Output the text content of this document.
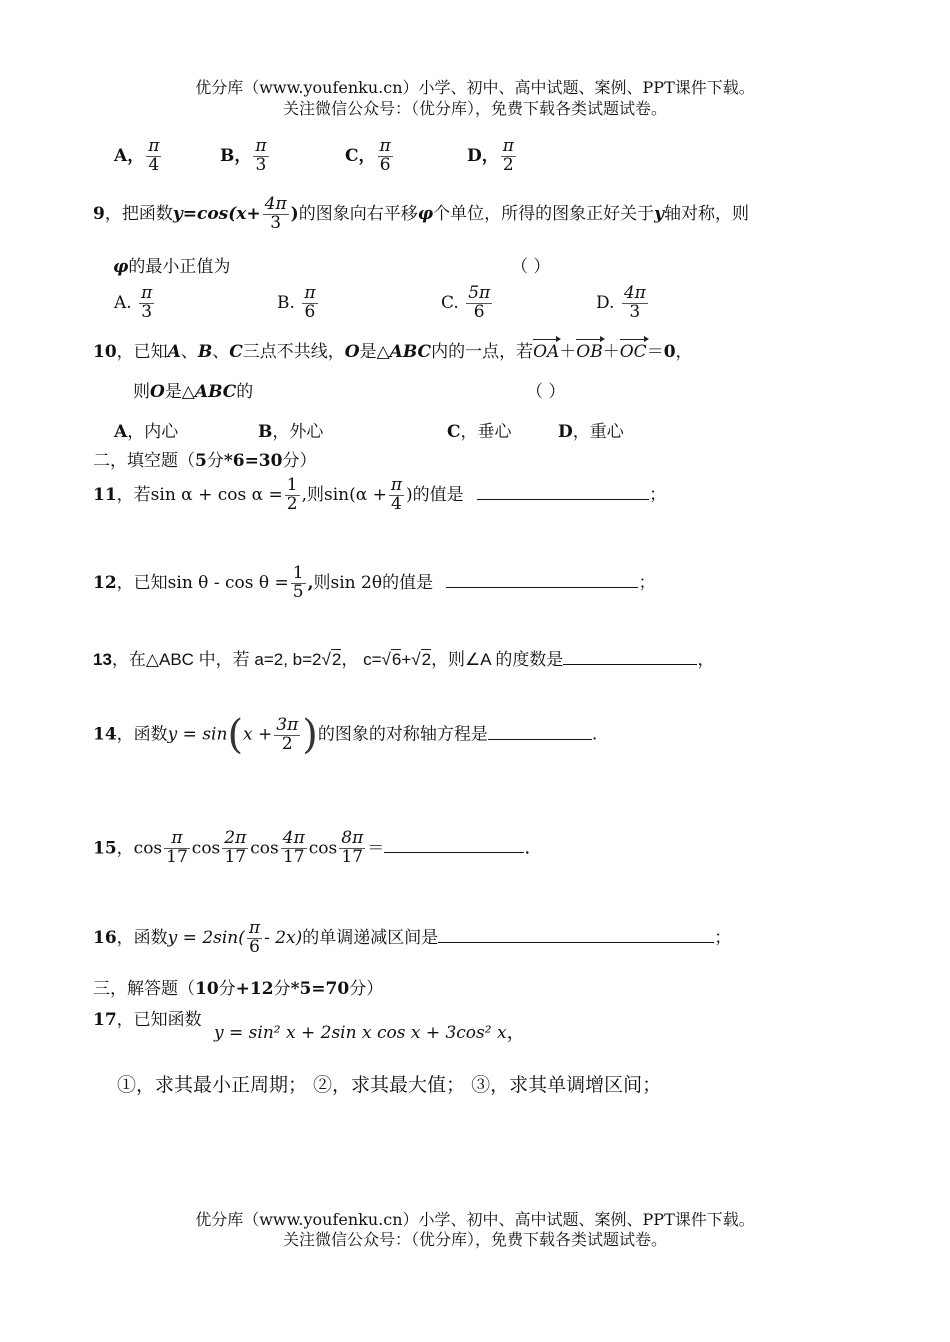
优分库（www.youfenku.cn）小学、初中、高中试题、案例、PPT课件下载。
关注微信公众号：（优分库），免费下载各类试题试卷。
A， $\frac{\pi}{4}$	B， $\frac{\pi}{3}$	C， $\frac{\pi}{6}$	D， $\frac{\pi}{2}$
9，把函数$y=\cos(x+ \frac{4\pi}{3}$ )的图象向右平移φ个单位，所得的图象正好关于y轴对称，则
φ的最小正值为	（ ）
A. $\frac{\pi}{3}$	B. $\frac{\pi}{6}$	C. $\frac{5\pi}{6}$	D. $\frac{4\pi}{3}$
10，已知A、B、C三点不共线，O是△ABC内的一点，若OA＋OB＋OC＝0，
则O是△ABC的	（ ）
A，内心	B，外心	C，垂心	D，重心
二，填空题（5分*6=30分）
11，若$\sin \alpha + \cos \alpha = \frac{1}{2}$ ,则$\sin(\alpha + \frac{\pi}{4}$ )的值是	；
12，已知$\sin \theta - \cos \theta = \frac{1}{5}$ ,则sin 2θ的值是	；
13，在△ABC 中，若 a=2, b=2√2， c=√6+√2，则∠A 的度数是	，
14，函数$y = \sin(x + \frac{3\pi}{2}$ )的图象的对称轴方程是	.
15，$\cos \frac{\pi}{17}$ $\cos \frac{2\pi}{17}$ $\cos \frac{4\pi}{17}$ $\cos \frac{8\pi}{17}$ ＝	.
16，函数$y = 2\sin( \frac{\pi}{6} - 2x)$的单调递减区间是	；
三，解答题（10分+12分*5=70分）
17，已知函数
y = sin² x + 2sin x cos x + 3cos² x，
①，求其最小正周期； ②，求其最大值； ③，求其单调增区间；
优分库（www.youfenku.cn）小学、初中、高中试题、案例、PPT课件下载。
关注微信公众号：（优分库），免费下载各类试题试卷。
